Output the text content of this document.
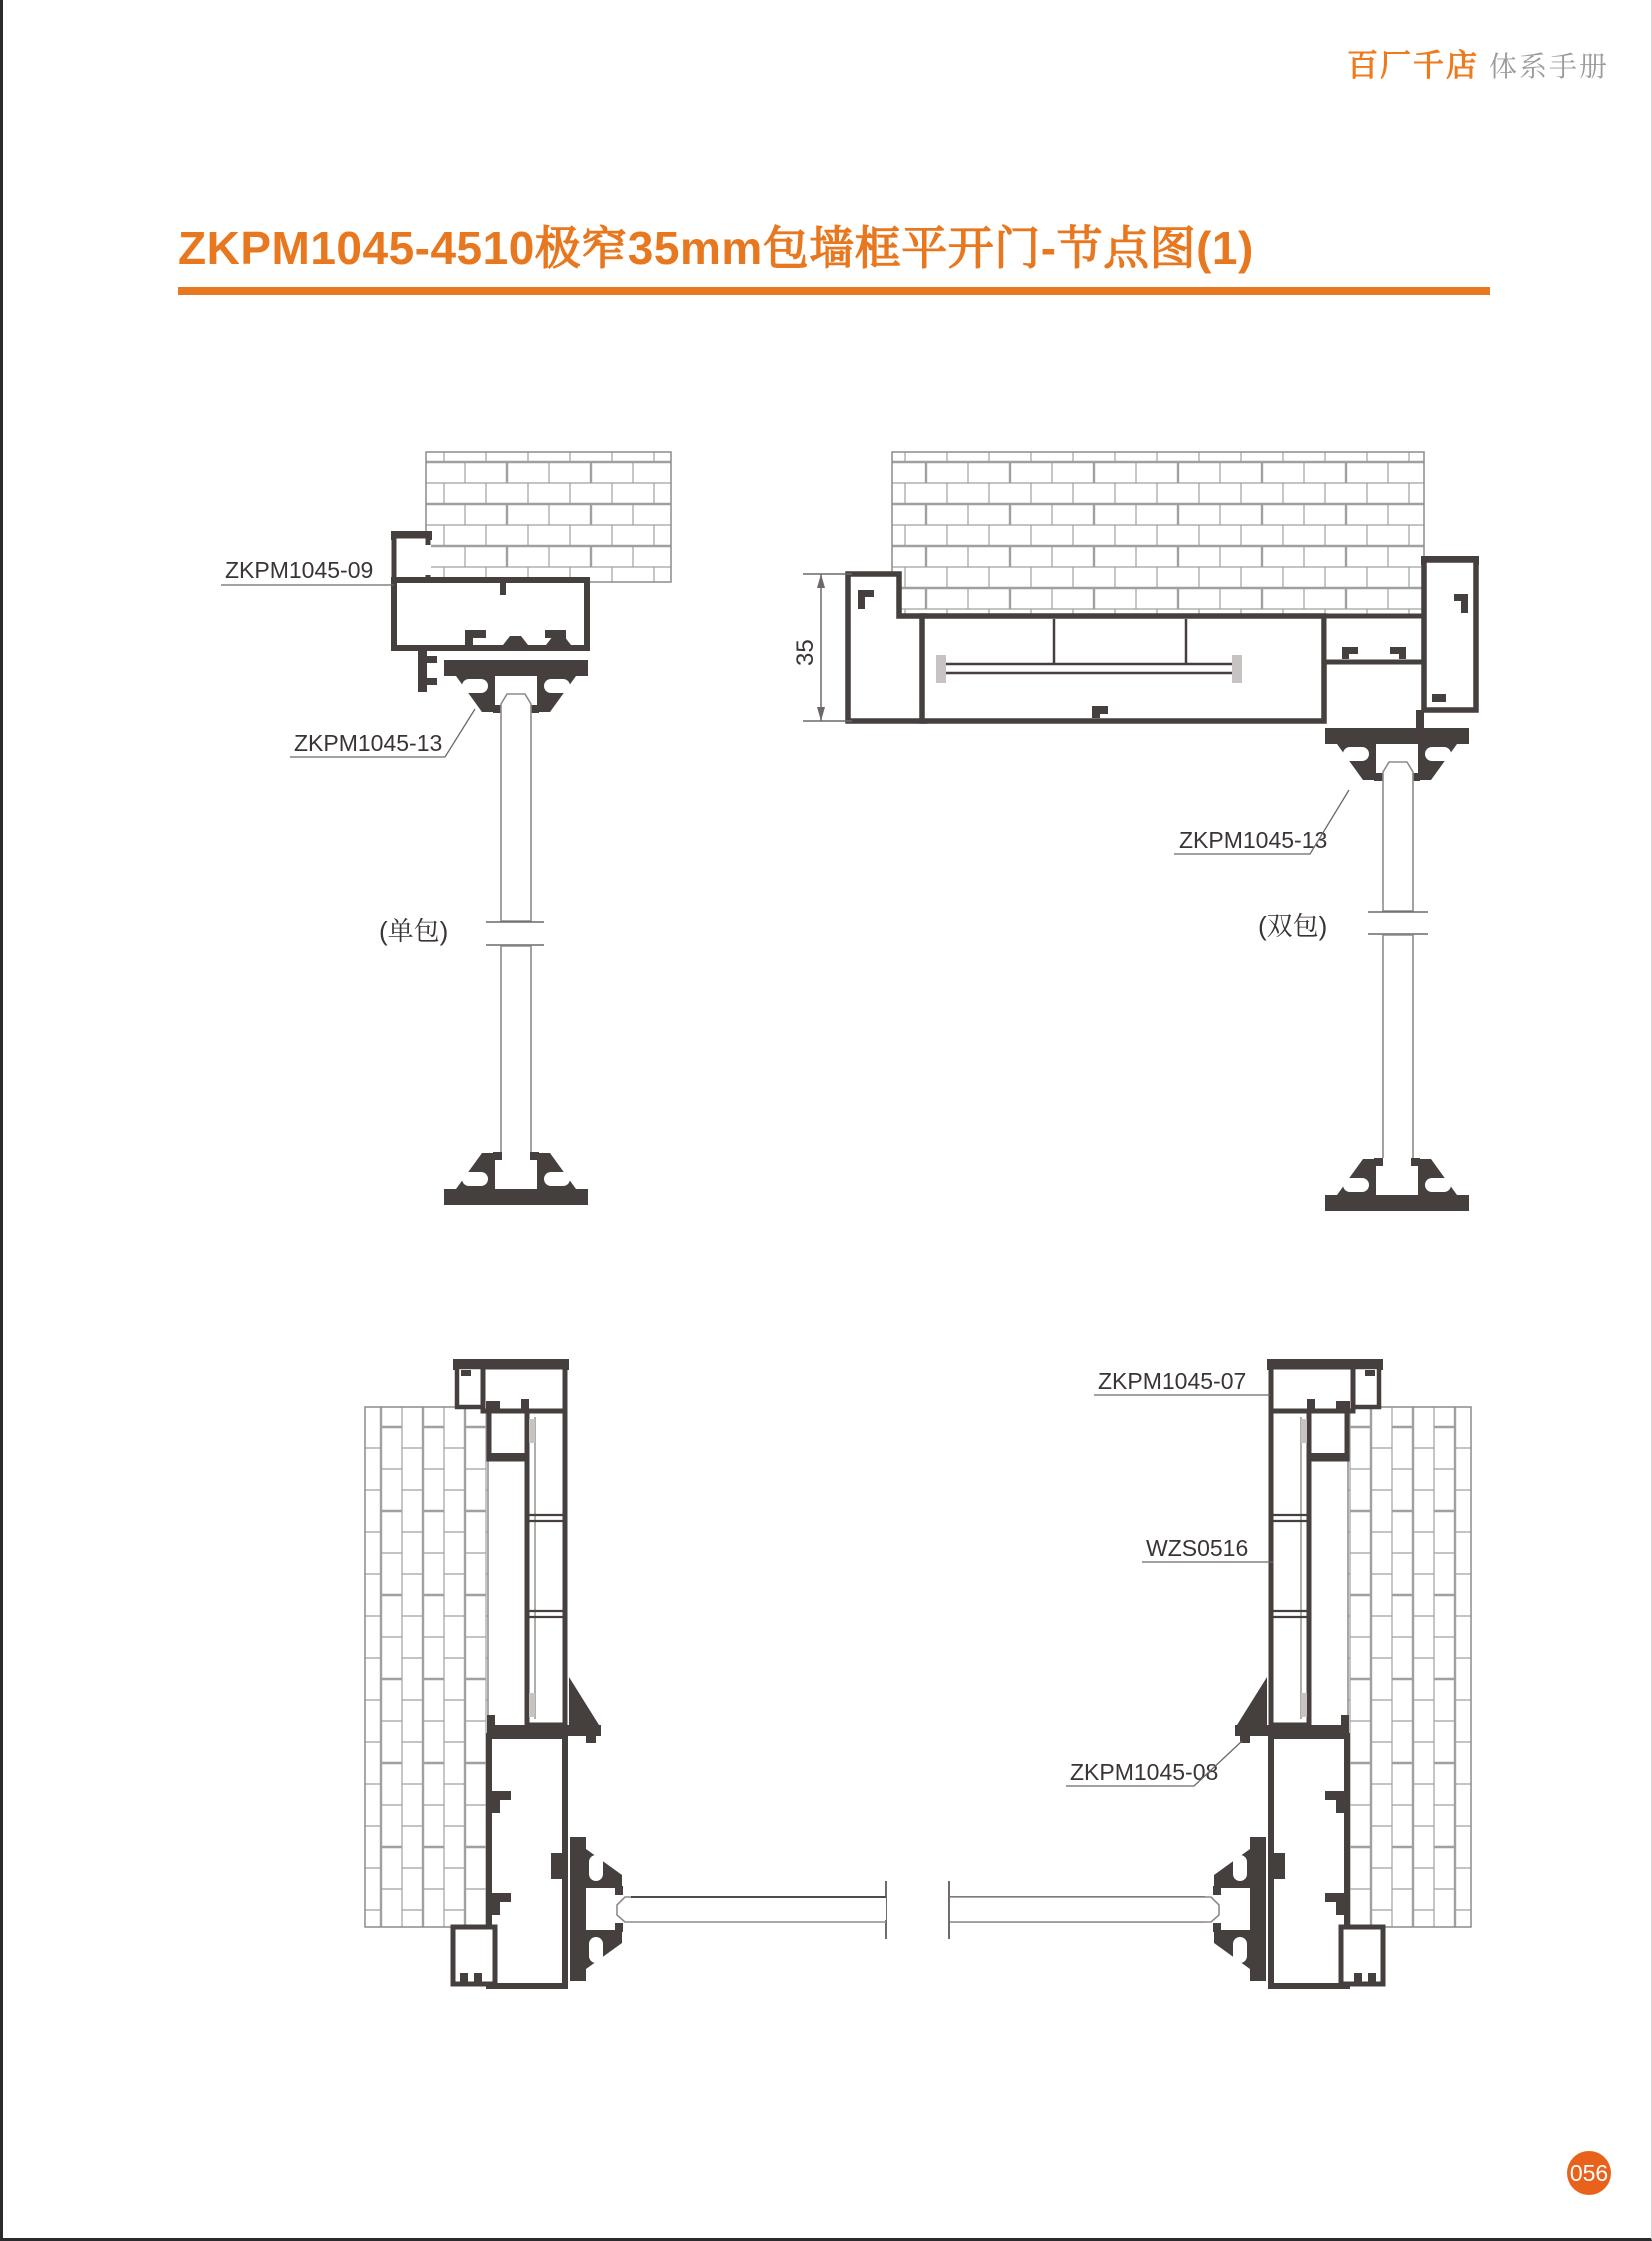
百厂千店 体系手册
ZKPM1045-4510极窄35mm包墙框平开门-节点图(1)
ZKPM1045-09
ZKPM1045-13
(单包)
35
ZKPM1045-13
(双包)
ZKPM1045-07
WZS0516
ZKPM1045-08
056
